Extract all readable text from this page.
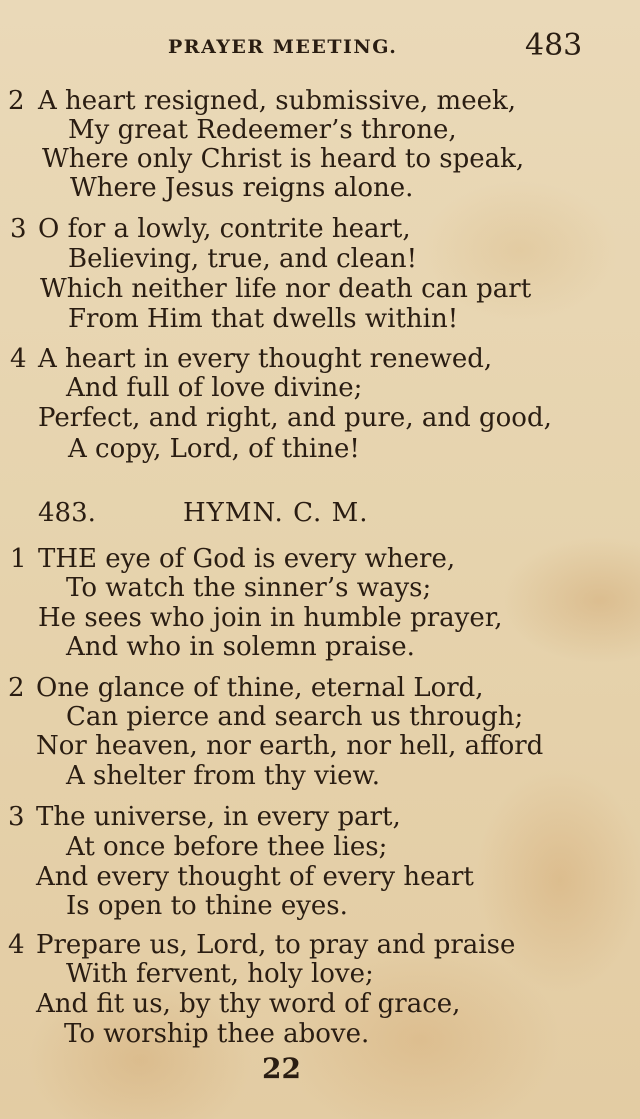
PRAYER MEETING.	483
2 A heart resigned, submissive, meek,
My great Redeemer’s throne,
Where only Christ is heard to speak,
Where Jesus reigns alone.
3 O for a lowly, contrite heart,
Believing, true, and clean!
Which neither life nor death can part
From Him that dwells within!
4 A heart in every thought renewed,
And full of love divine;
Perfect, and right, and pure, and good,
A copy, Lord, of thine!
483.	HYMN. C. M.
1 THE eye of God is every where,
To watch the sinner’s ways;
He sees who join in humble prayer,
And who in solemn praise.
2 One glance of thine, eternal Lord,
Can pierce and search us through;
Nor heaven, nor earth, nor hell, afford
A shelter from thy view.
3 The universe, in every part,
At once before thee lies;
And every thought of every heart
Is open to thine eyes.
4 Prepare us, Lord, to pray and praise
With fervent, holy love;
And fit us, by thy word of grace,
To worship thee above.
22
